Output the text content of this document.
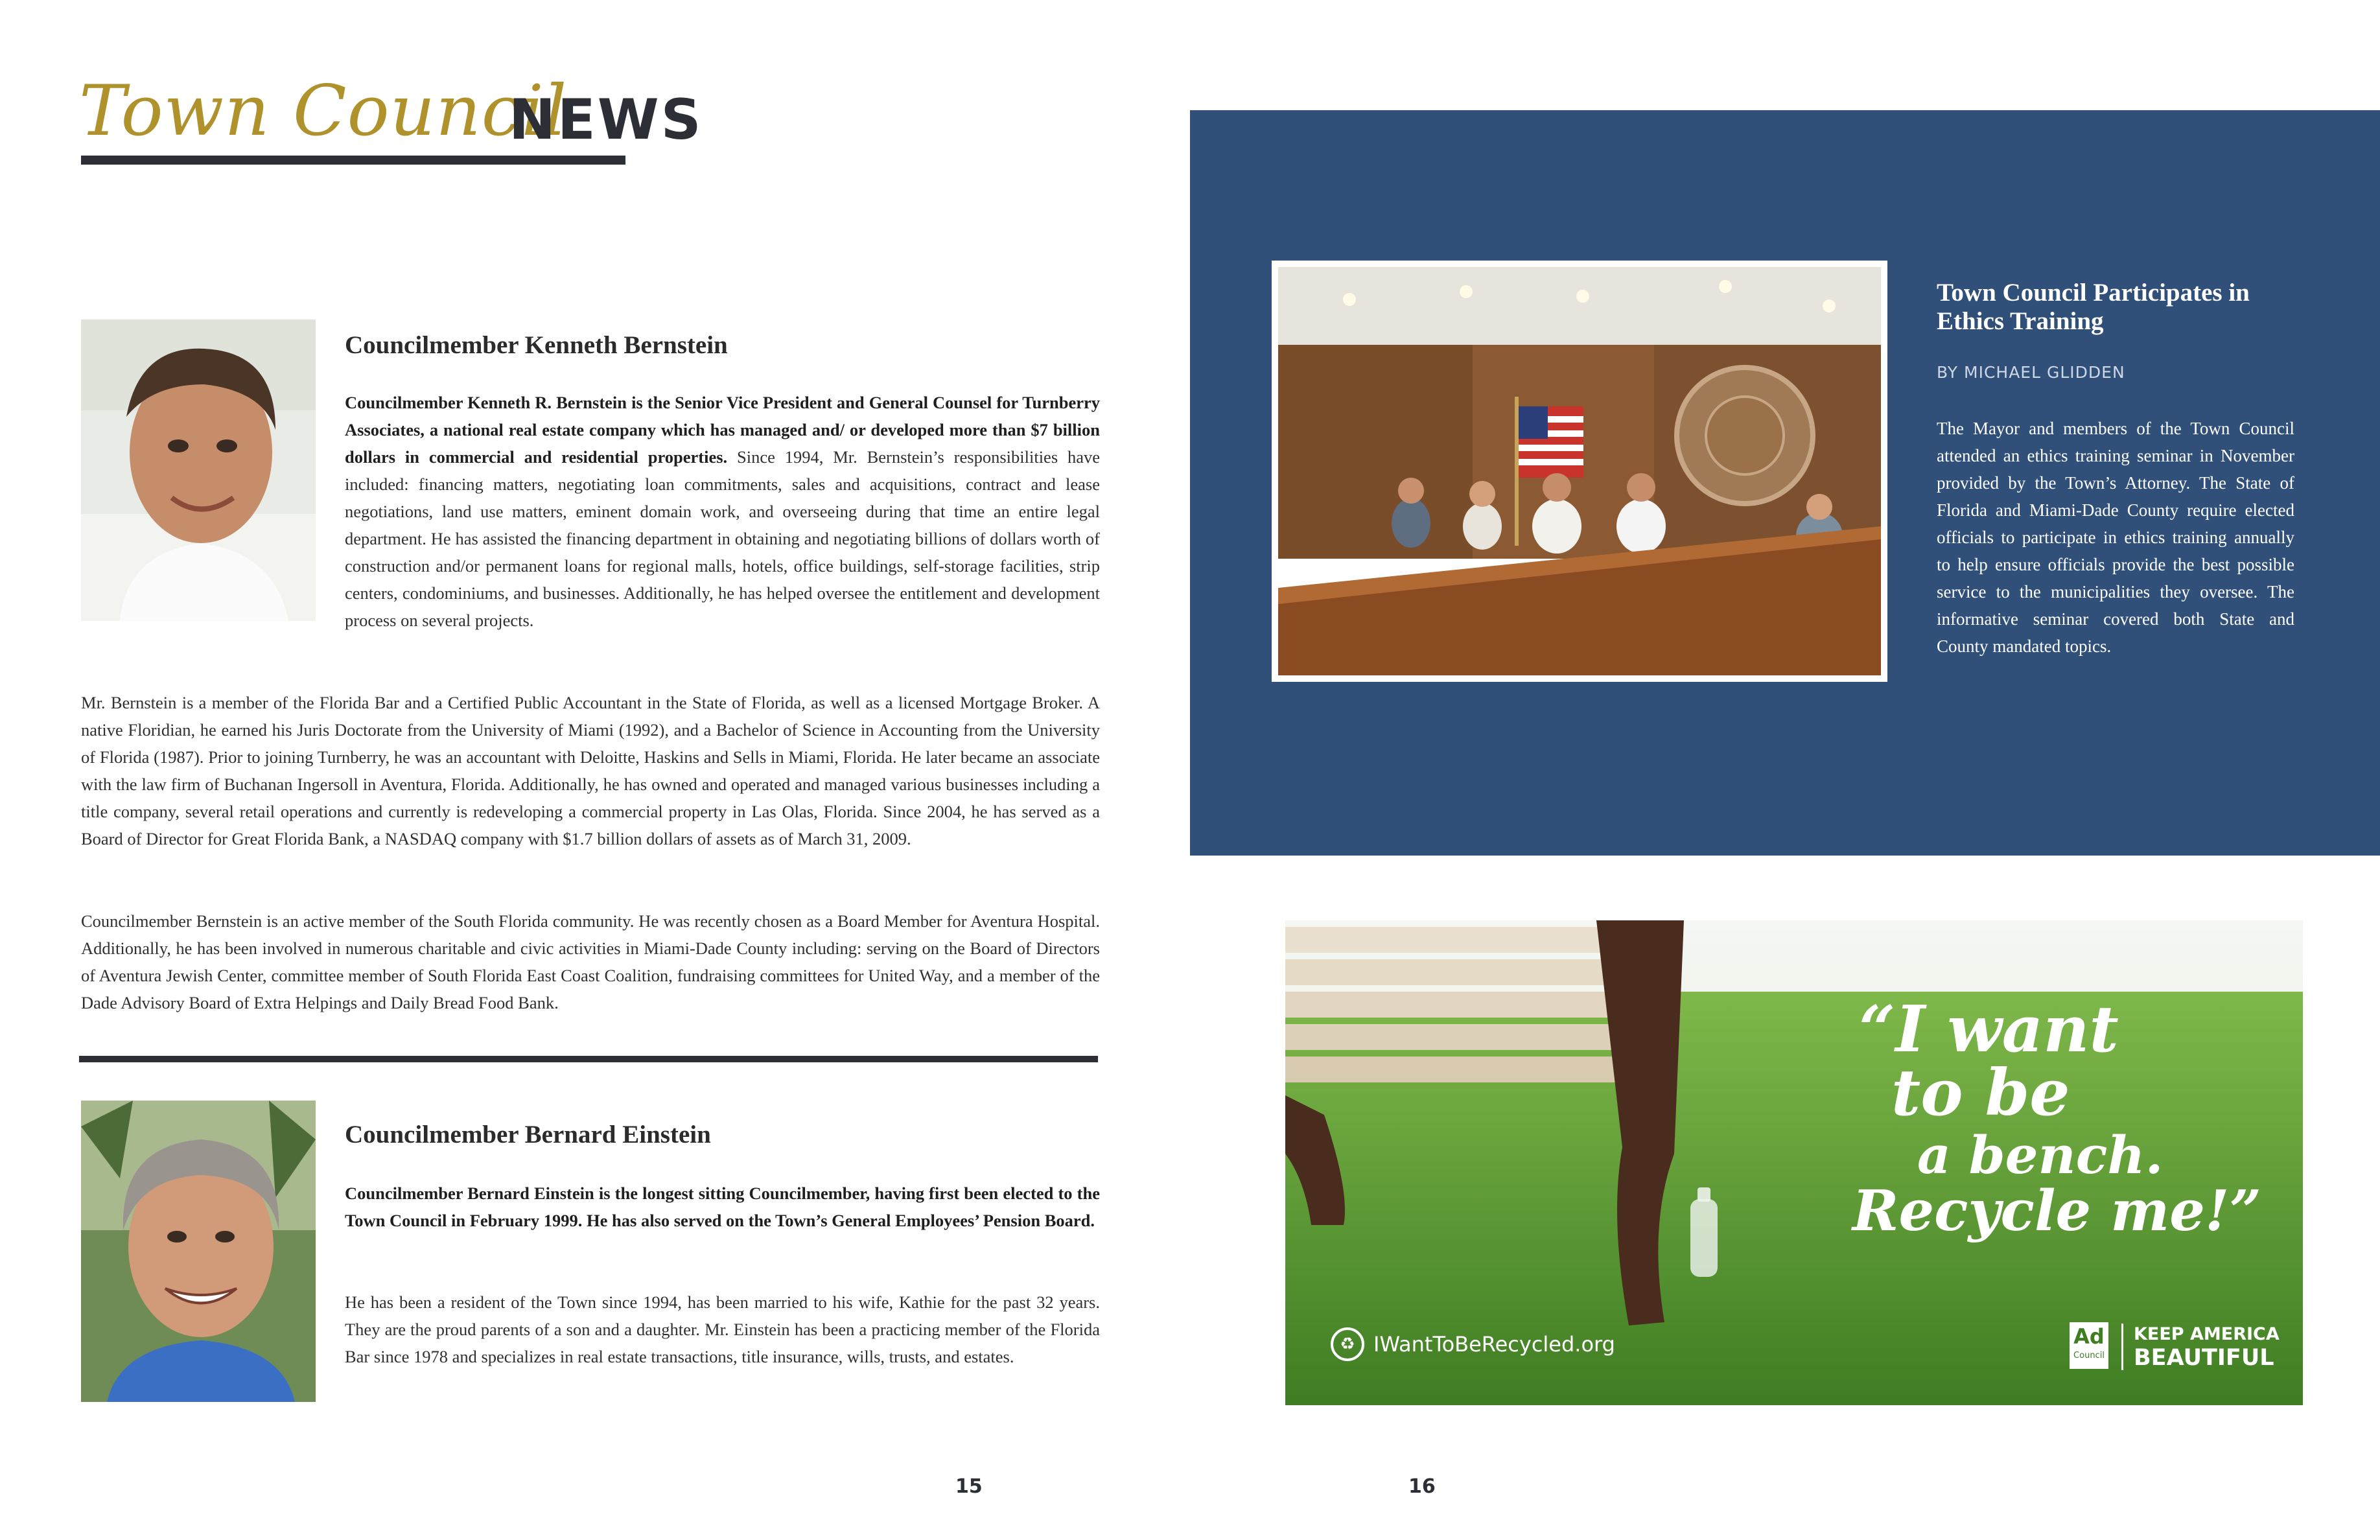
Town Council
NEWS
Councilmember Kenneth Bernstein
Councilmember Kenneth R. Bernstein is the Senior Vice President and General Counsel for Turnberry Associates, a national real estate company which has managed and/ or developed more than $7 billion dollars in commercial and residential properties. Since 1994, Mr. Bernstein’s responsibilities have included: financing matters, negotiating loan commitments, sales and acquisitions, contract and lease negotiations, land use matters, eminent domain work, and overseeing during that time an entire legal department. He has assisted the financing department in obtaining and negotiating billions of dollars worth of construction and/or permanent loans for regional malls, hotels, office buildings, self-storage facilities, strip centers, condominiums, and businesses. Additionally, he has helped oversee the entitlement and development process on several projects.
Mr. Bernstein is a member of the Florida Bar and a Certified Public Accountant in the State of Florida, as well as a licensed Mortgage Broker. A native Floridian, he earned his Juris Doctorate from the University of Miami (1992), and a Bachelor of Science in Accounting from the University of Florida (1987). Prior to joining Turnberry, he was an accountant with Deloitte, Haskins and Sells in Miami, Florida. He later became an associate with the law firm of Buchanan Ingersoll in Aventura, Florida. Additionally, he has owned and operated and managed various businesses including a title company, several retail operations and currently is redeveloping a commercial property in Las Olas, Florida. Since 2004, he has served as a Board of Director for Great Florida Bank, a NASDAQ company with $1.7 billion dollars of assets as of March 31, 2009.
Councilmember Bernstein is an active member of the South Florida community. He was recently chosen as a Board Member for Aventura Hospital. Additionally, he has been involved in numerous charitable and civic activities in Miami-Dade County including: serving on the Board of Directors of Aventura Jewish Center, committee member of South Florida East Coast Coalition, fundraising committees for United Way, and a member of the Dade Advisory Board of Extra Helpings and Daily Bread Food Bank.
Councilmember Bernard Einstein
Councilmember Bernard Einstein is the longest sitting Councilmember, having first been elected to the Town Council in February 1999. He has also served on the Town’s General Employees’ Pension Board.
He has been a resident of the Town since 1994, has been married to his wife, Kathie for the past 32 years. They are the proud parents of a son and a daughter. Mr. Einstein has been a practicing member of the Florida Bar since 1978 and specializes in real estate transactions, title insurance, wills, trusts, and estates.
15
Town Council Participates in Ethics Training
BY MICHAEL GLIDDEN
The Mayor and members of the Town Council attended an ethics training seminar in November provided by the Town’s Attorney. The State of Florida and Miami-Dade County require elected officials to participate in ethics training annually to help ensure officials provide the best possible service to the municipalities they oversee. The informative seminar covered both State and County mandated topics.
“I want
to be
a bench.
Recycle me!”
♻ IWantToBeRecycled.org	Ad
Council
KEEP AMERICA
BEAUTIFUL
16
